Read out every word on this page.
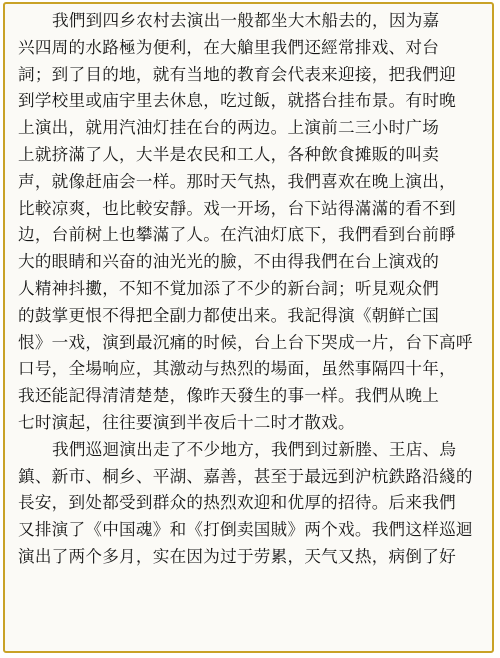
我們到四乡农村去演出一般都坐大木船去的，因为嘉
兴四周的水路極为便利，在大艙里我們还經常排戏、对台
詞；到了目的地，就有当地的教育会代表来迎接，把我們迎
到学校里或庙宇里去休息，吃过飯，就搭台挂布景。有时晚
上演出，就用汽油灯挂在台的两边。上演前二三小时广场
上就挤滿了人，大半是农民和工人，各种飲食摊販的叫卖
声，就像赶庙会一样。那时天气热，我們喜欢在晚上演出，
比較凉爽，也比較安靜。戏一开场，台下站得滿滿的看不到
边，台前树上也攀滿了人。在汽油灯底下，我們看到台前睜
大的眼睛和兴奋的油光光的臉，不由得我們在台上演戏的
人精神抖擻，不知不覚加添了不少的新台詞；听見观众們
的鼓掌更恨不得把全副力都使出来。我記得演《朝鲜亡国
恨》一戏，演到最沉痛的时候，台上台下哭成一片，台下高呼
口号，全場响应，其激动与热烈的場面，虽然事隔四十年，
我还能記得清清楚楚，像昨天發生的事一样。我們从晚上
七时演起，往往要演到半夜后十二时才散戏。
我們巡迴演出走了不少地方，我們到过新塍、王店、烏
鎮、新市、桐乡、平湖、嘉善，甚至于最远到沪杭鉄路沿綫的
長安，到处都受到群众的热烈欢迎和优厚的招待。后来我們
又排演了《中国魂》和《打倒卖国賊》两个戏。我們这样巡迴
演出了两个多月，实在因为过于劳累，天气又热，病倒了好
